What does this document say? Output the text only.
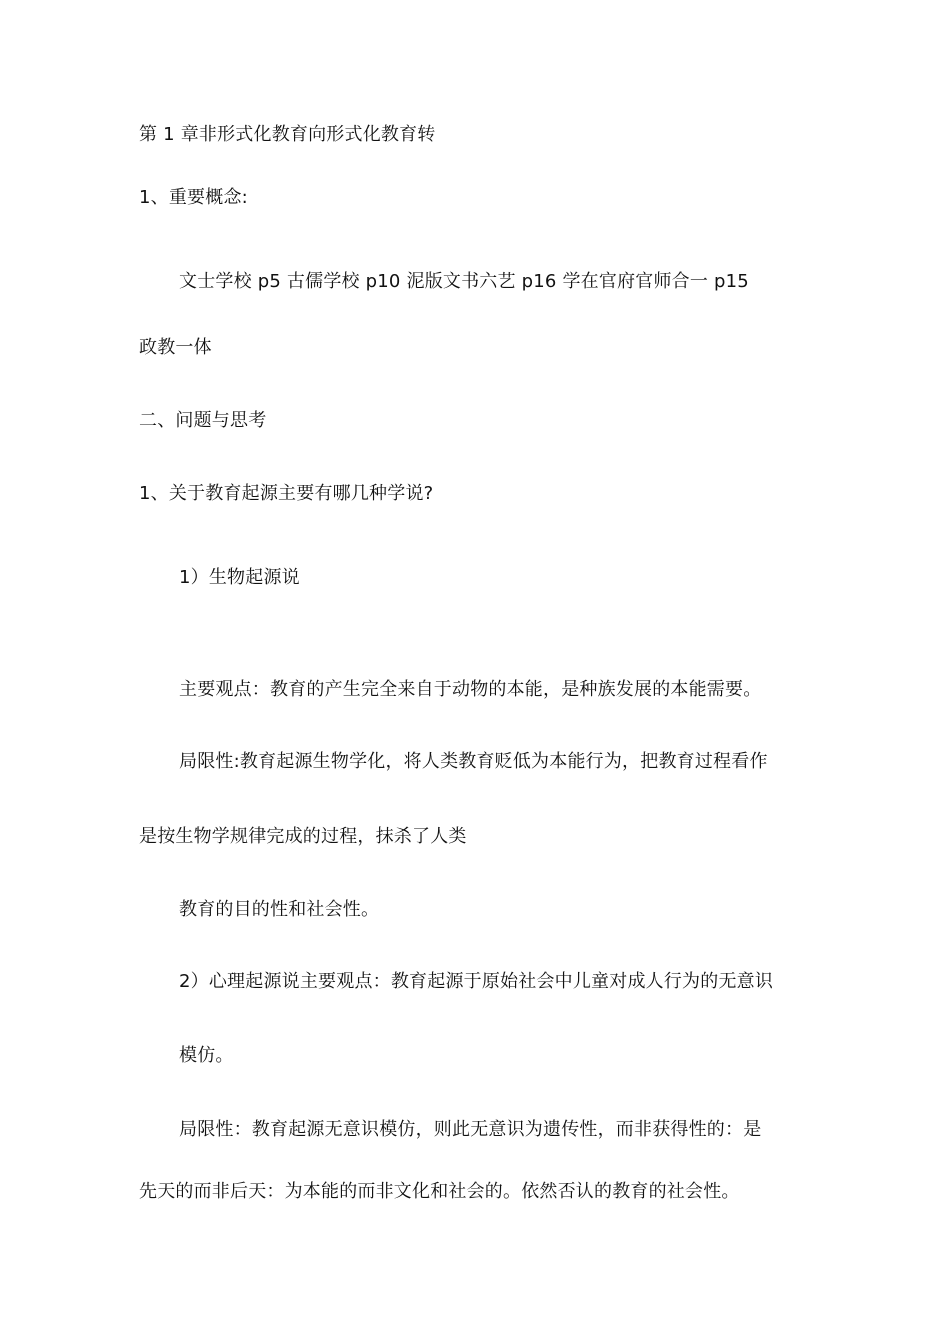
第 1 章非形式化教育向形式化教育转
1、重要概念:
文士学校 p5 古儒学校 p10 泥版文书六艺 p16 学在官府官师合一 p15
政教一体
二、问题与思考
1、关于教育起源主要有哪几种学说?
1）生物起源说
主要观点：教育的产生完全来自于动物的本能，是种族发展的本能需要。
局限性:教育起源生物学化，将人类教育贬低为本能行为，把教育过程看作
是按生物学规律完成的过程，抹杀了人类
教育的目的性和社会性。
2）心理起源说主要观点：教育起源于原始社会中儿童对成人行为的无意识
模仿。
局限性：教育起源无意识模仿，则此无意识为遗传性，而非获得性的：是
先天的而非后天：为本能的而非文化和社会的。依然否认的教育的社会性。
